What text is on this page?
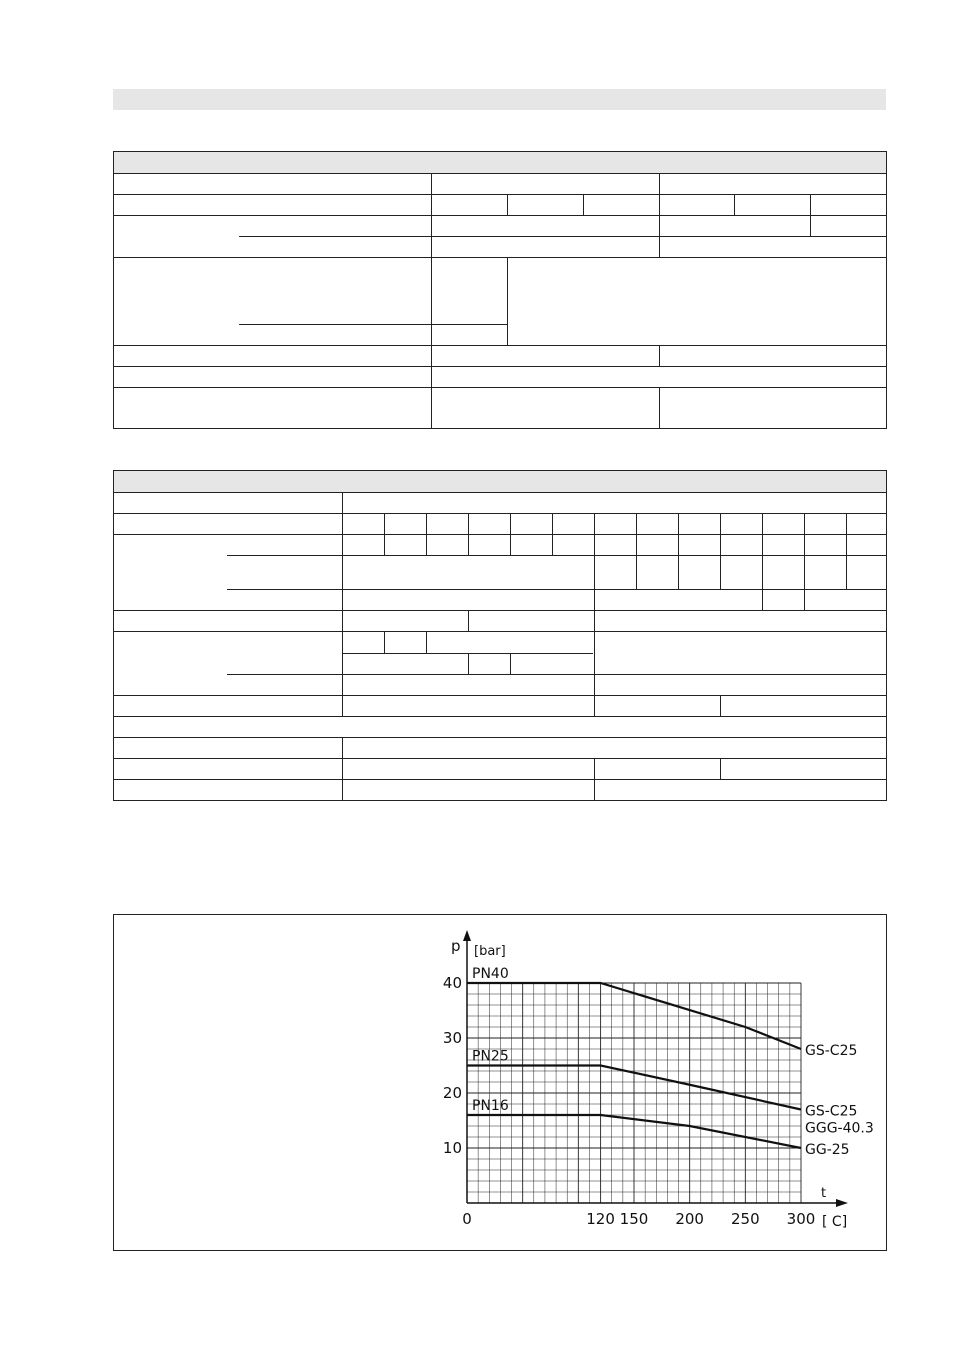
p [bar]
t
[ C]
0	120 150 200 250 300
10
20
30
40 PN40
GS-C25
PN25
GS-C25
GGG-40.3
PN16
GG-25
